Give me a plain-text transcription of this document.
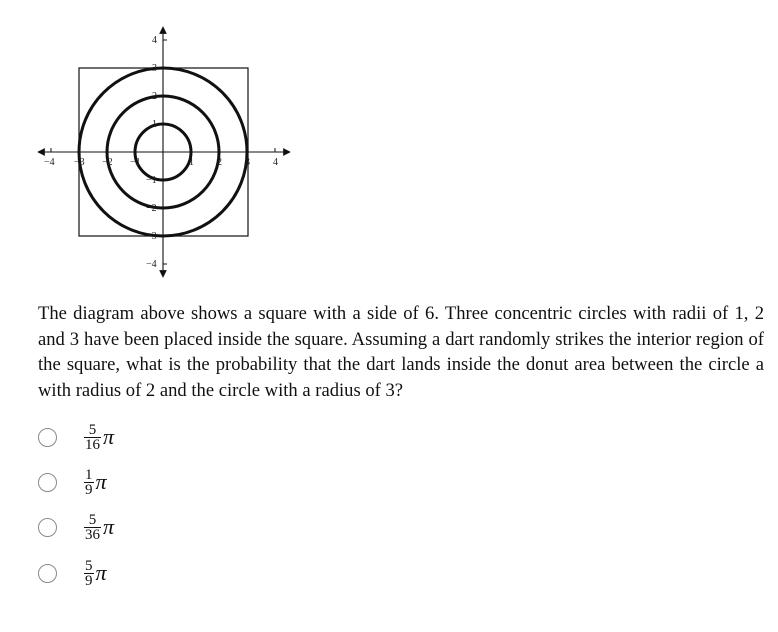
−4 −3 −2 −1	1 2 3 4
4
3
2
1
−1
−2
−3
−4
The diagram above shows a square with a side of 6. Three concentric circles with radii of 1, 2 and 3 have been placed inside the square. Assuming a dart randomly strikes the interior region of the square, what is the probability that the dart lands inside the donut area between the circle a with radius of 2 and the circle with a radius of 3?
$\frac{5}{16}$ π
$\frac{1}{9}$ π
$\frac{5}{36}$ π
$\frac{5}{9}$ π
